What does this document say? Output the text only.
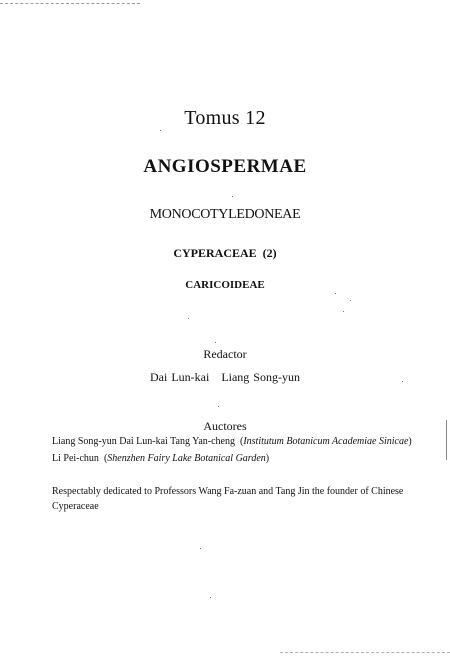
Tomus 12
ANGIOSPERMAE
MONOCOTYLEDONEAE
CYPERACEAE (2)
CARICOIDEAE
Redactor
Dai Lun-kai Liang Song-yun
Auctores
Liang Song-yun Dai Lun-kai Tang Yan-cheng (Institutum Botanicum Academiae Sinicae)
Li Pei-chun (Shenzhen Fairy Lake Botanical Garden)
Respectably dedicated to Professors Wang Fa-zuan and Tang Jin the founder of Chinese Cyperaceae
